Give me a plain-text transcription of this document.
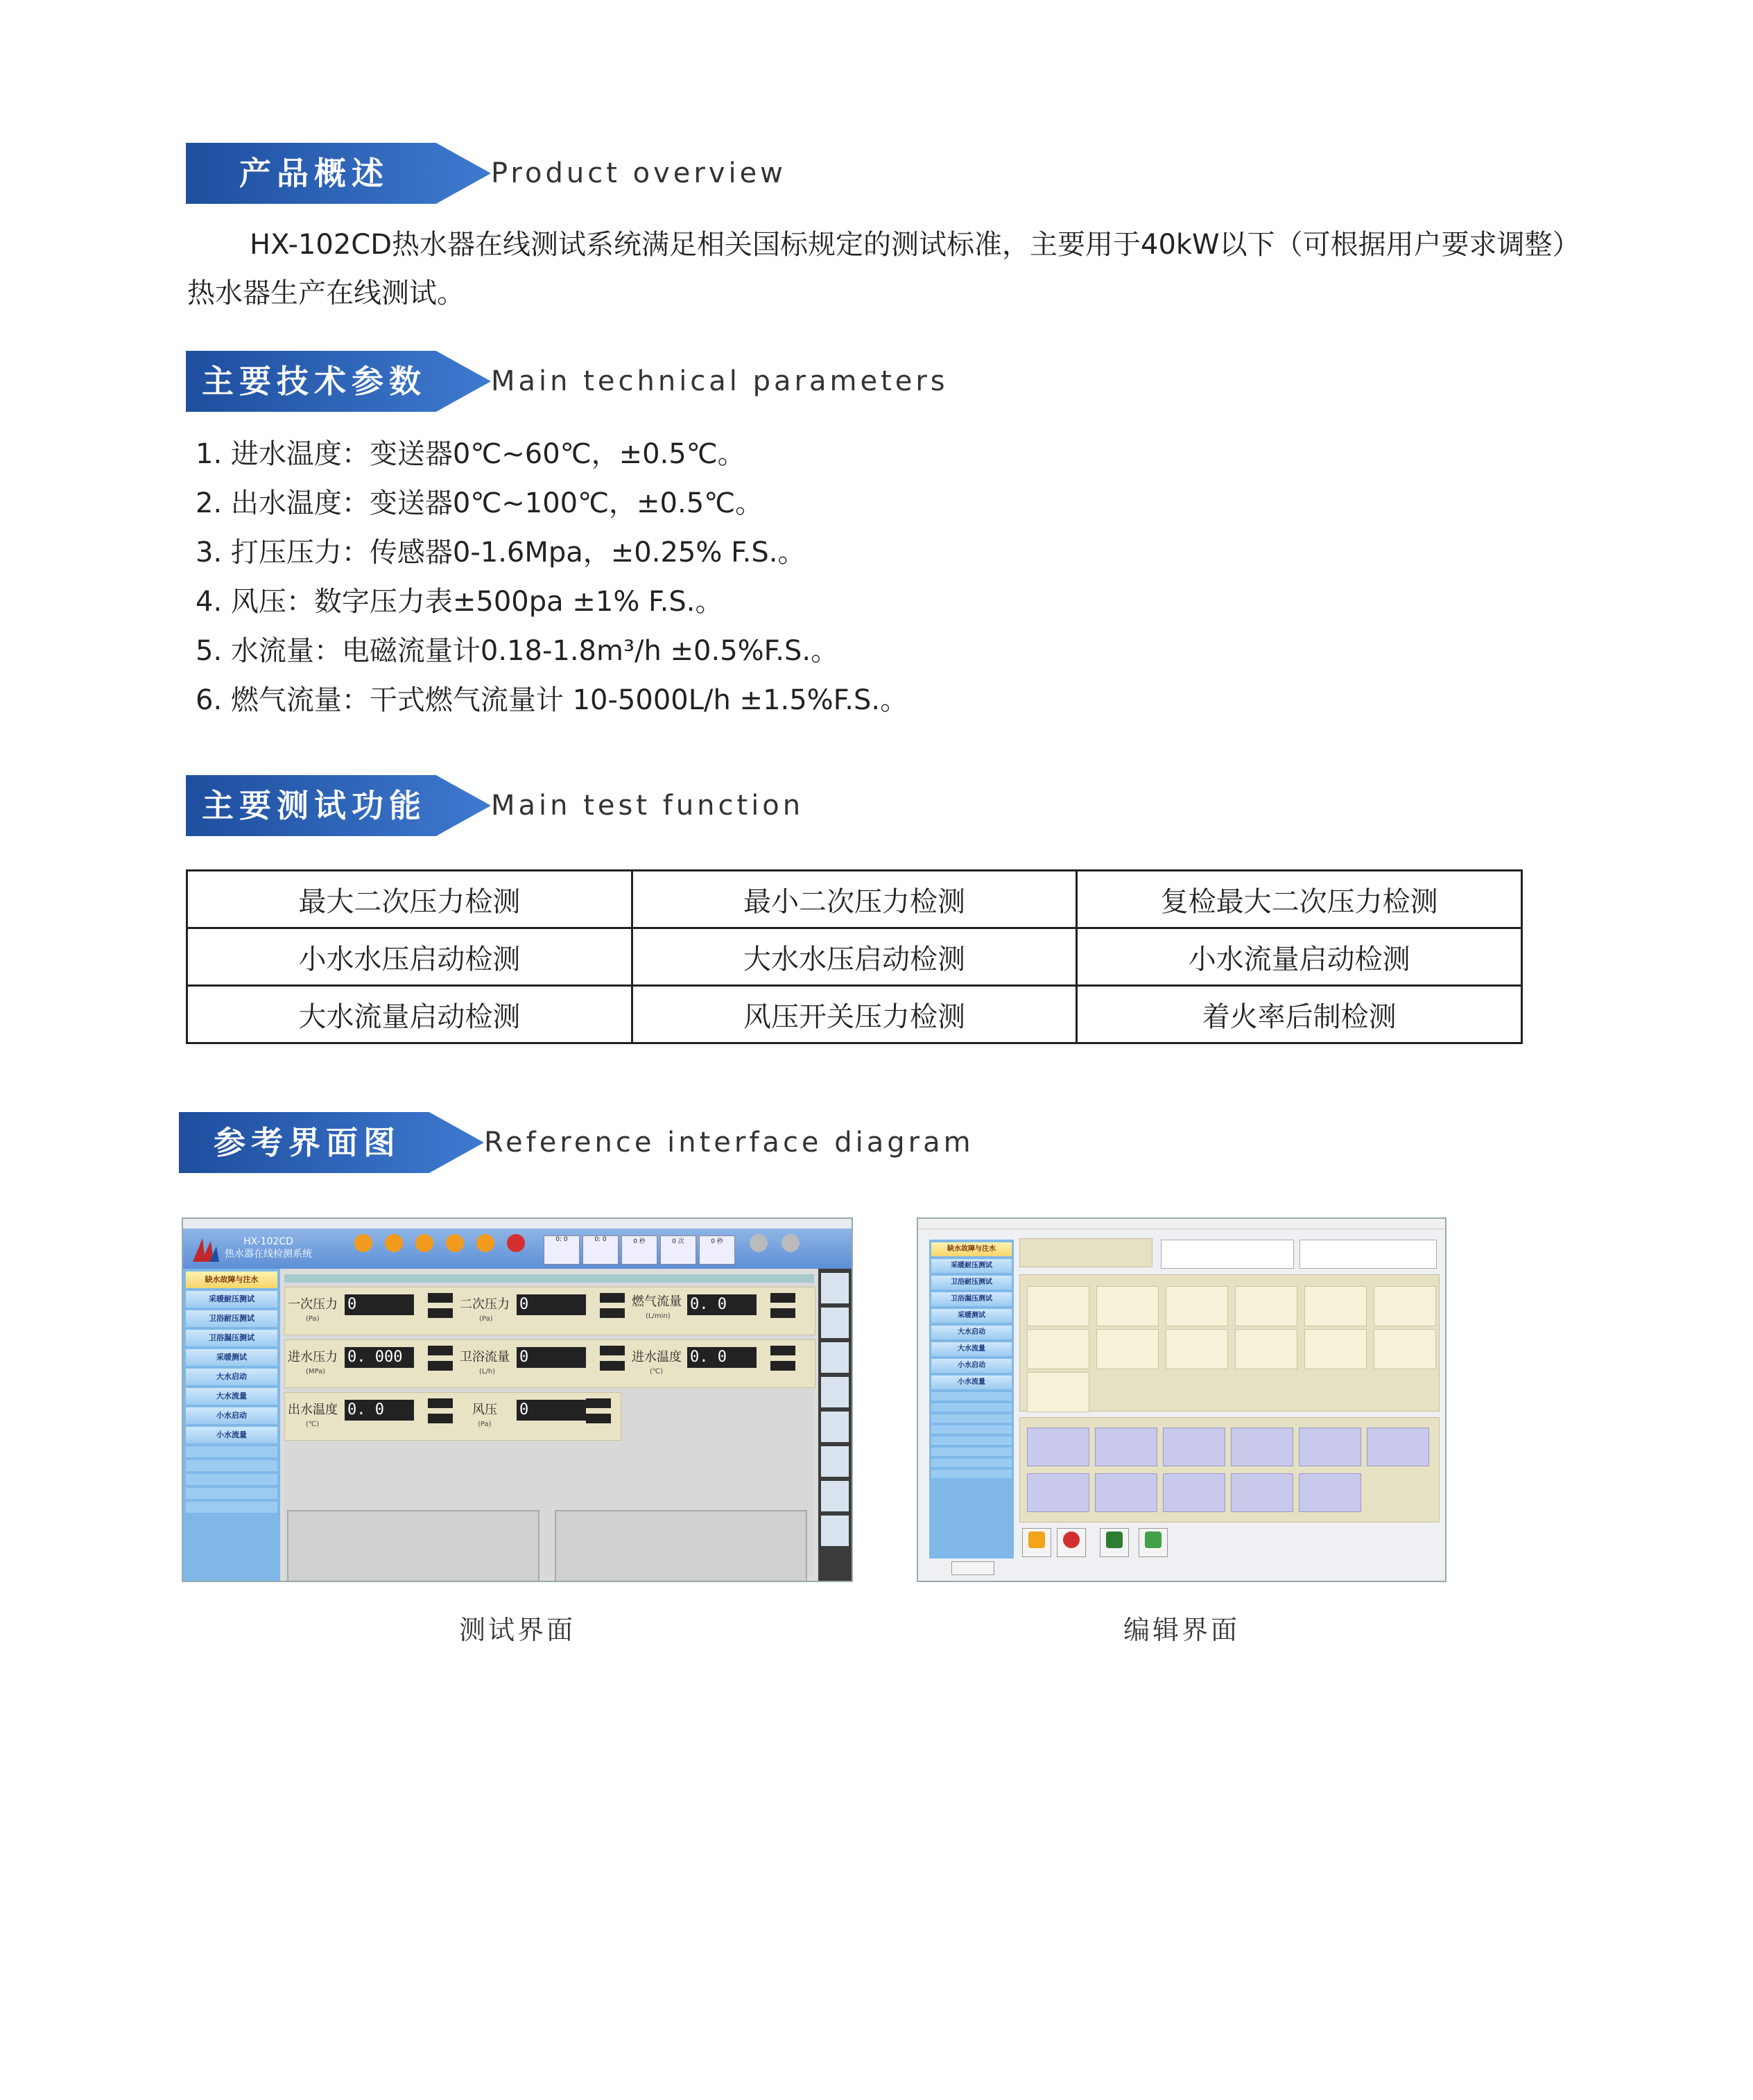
产品概述	Product overview
HX-102CD热水器在线测试系统满足相关国标规定的测试标准，主要用于40kW以下（可根据用户要求调整）热水器生产在线测试。
主要技术参数	Main technical parameters
1. 进水温度：变送器0℃~60℃，±0.5℃。
2. 出水温度：变送器0℃~100℃，±0.5℃。
3. 打压压力：传感器0-1.6Mpa，±0.25% F.S.。
4. 风压：数字压力表±500pa ±1% F.S.。
5. 水流量：电磁流量计0.18-1.8m³/h ±0.5%F.S.。
6. 燃气流量：干式燃气流量计 10-5000L/h ±1.5%F.S.。
主要测试功能	Main test function
最大二次压力检测	最小二次压力检测	复检最大二次压力检测
小水水压启动检测	大水水压启动检测	小水流量启动检测
大水流量启动检测	风压开关压力检测	着火率后制检测
参考界面图	Reference interface diagram
HX-102CD
热水器在线检测系统
0: 0	0: 0	0 秒	0 次	0 秒
缺水故障与注水
采暖耐压测试
卫浴耐压测试
卫浴漏压测试
采暖测试
大水启动
大水流量
小水启动
小水流量
一次压力
(Pa)
0	二次压力
(Pa)
0	燃气流量
(L/min)
0. 0
进水压力
(MPa)
0. 000	卫浴流量
(L/h)
0	进水温度
(℃)
0. 0
出水温度
(℃)
0. 0	风压
(Pa)
0
缺水故障与注水
采暖耐压测试
卫浴耐压测试
卫浴漏压测试
采暖测试
大水启动
大水流量
小水启动
小水流量
测试界面	编辑界面
